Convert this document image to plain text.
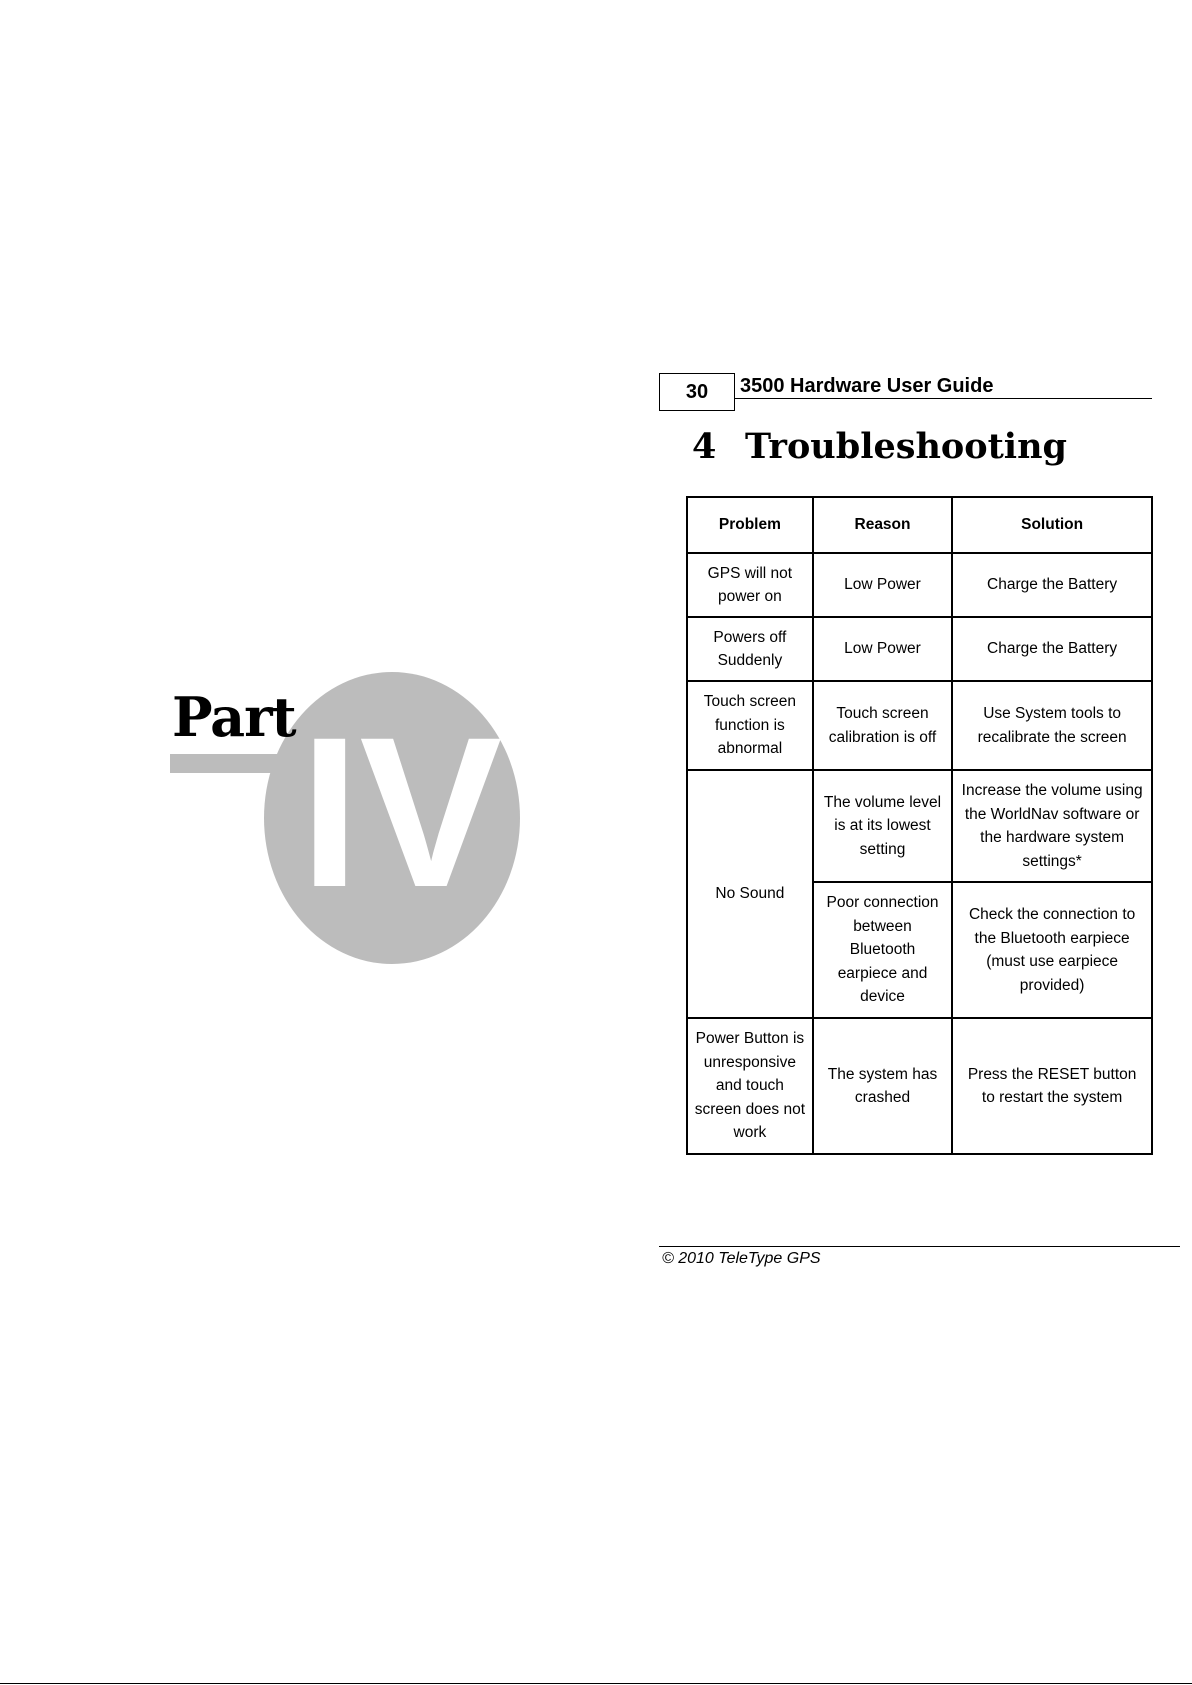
Part IV
30	3500 Hardware User Guide
4 Troubleshooting
Problem	Reason	Solution
GPS will not power on	Low Power	Charge the Battery
Powers off Suddenly	Low Power	Charge the Battery
Touch screen function is abnormal	Touch screen calibration is off	Use System tools to recalibrate the screen
No Sound	The volume level is at its lowest setting	Increase the volume using the WorldNav software or the hardware system settings*
	Poor connection between Bluetooth earpiece and device	Check the connection to the Bluetooth earpiece (must use earpiece provided)
Power Button is unresponsive and touch screen does not work	The system has crashed	Press the RESET button to restart the system
© 2010 TeleType GPS
